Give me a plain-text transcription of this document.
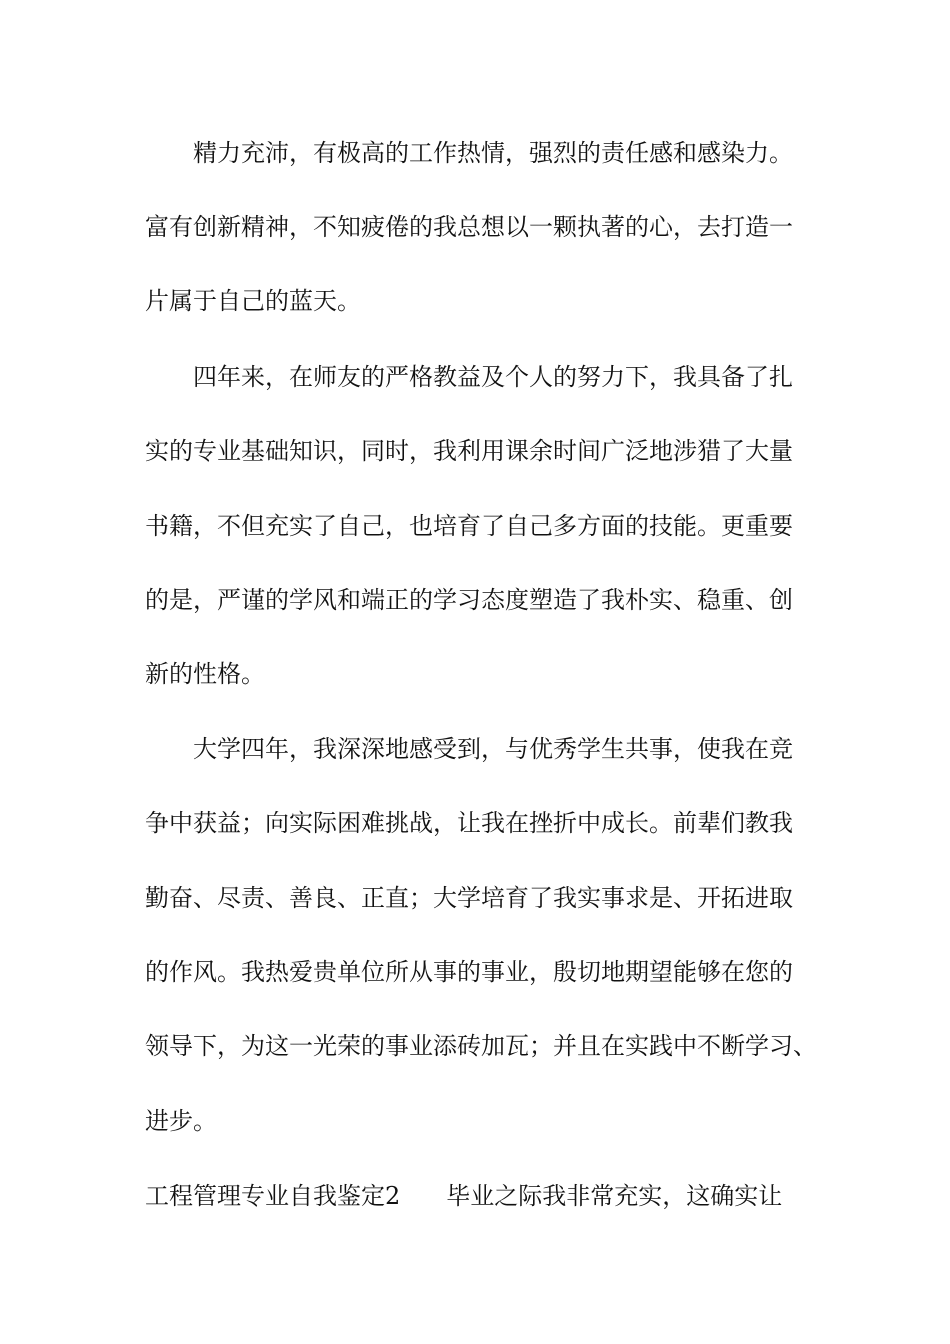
精力充沛，有极高的工作热情，强烈的责任感和感染力。
富有创新精神，不知疲倦的我总想以一颗执著的心，去打造一
片属于自己的蓝天。
四年来，在师友的严格教益及个人的努力下，我具备了扎
实的专业基础知识，同时，我利用课余时间广泛地涉猎了大量
书籍，不但充实了自己，也培育了自己多方面的技能。更重要
的是，严谨的学风和端正的学习态度塑造了我朴实、稳重、创
新的性格。
大学四年，我深深地感受到，与优秀学生共事，使我在竞
争中获益；向实际困难挑战，让我在挫折中成长。前辈们教我
勤奋、尽责、善良、正直；大学培育了我实事求是、开拓进取
的作风。我热爱贵单位所从事的事业，殷切地期望能够在您的
领导下，为这一光荣的事业添砖加瓦；并且在实践中不断学习、
进步。
工程管理专业自我鉴定2 毕业之际我非常充实，这确实让
